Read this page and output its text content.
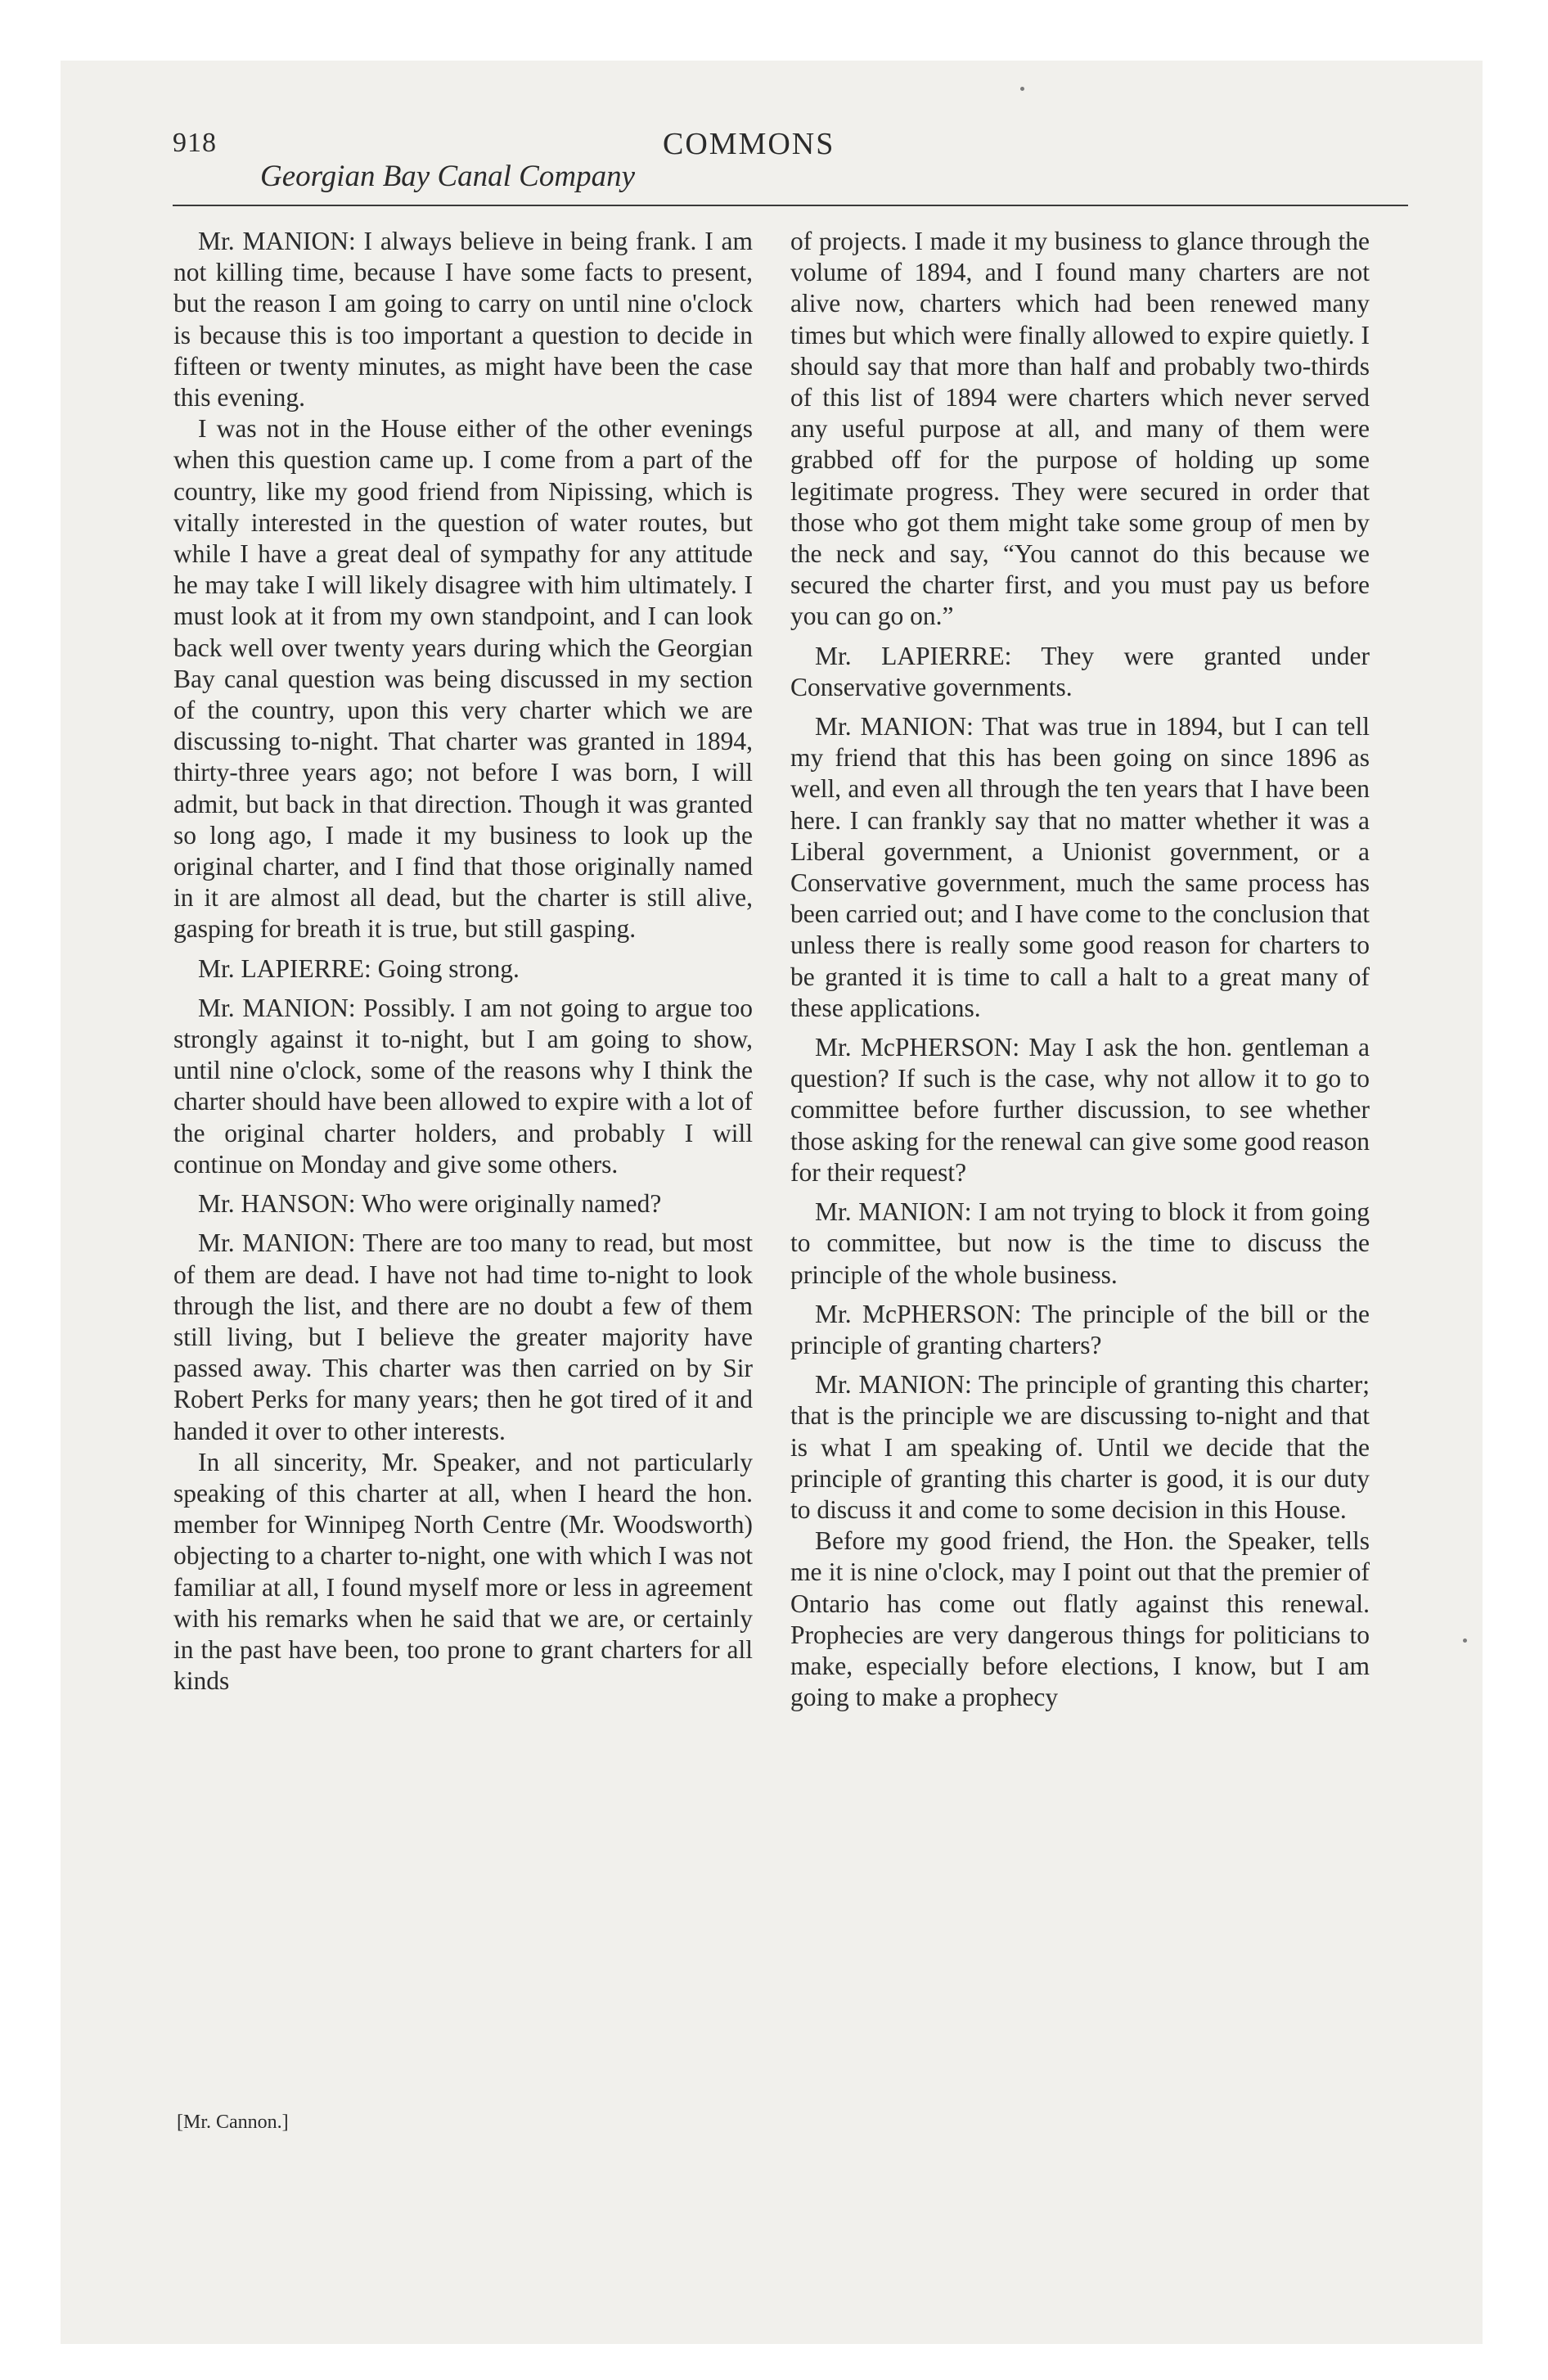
918	COMMONS
Georgian Bay Canal Company

Mr. MANION: I always believe in being frank. I am not killing time, because I have some facts to present, but the reason I am going to carry on until nine o'clock is because this is too important a question to decide in fifteen or twenty minutes, as might have been the case this evening.

I was not in the House either of the other evenings when this question came up. I come from a part of the country, like my good friend from Nipissing, which is vitally interested in the question of water routes, but while I have a great deal of sympathy for any attitude he may take I will likely disagree with him ultimately. I must look at it from my own standpoint, and I can look back well over twenty years during which the Georgian Bay canal question was being discussed in my section of the country, upon this very charter which we are discussing to-night. That charter was granted in 1894, thirty-three years ago; not before I was born, I will admit, but back in that direction. Though it was granted so long ago, I made it my business to look up the original charter, and I find that those originally named in it are almost all dead, but the charter is still alive, gasping for breath it is true, but still gasping.

Mr. LAPIERRE: Going strong.

Mr. MANION: Possibly. I am not going to argue too strongly against it to-night, but I am going to show, until nine o'clock, some of the reasons why I think the charter should have been allowed to expire with a lot of the original charter holders, and probably I will continue on Monday and give some others.

Mr. HANSON: Who were originally named?

Mr. MANION: There are too many to read, but most of them are dead. I have not had time to-night to look through the list, and there are no doubt a few of them still living, but I believe the greater majority have passed away. This charter was then carried on by Sir Robert Perks for many years; then he got tired of it and handed it over to other interests.

In all sincerity, Mr. Speaker, and not particularly speaking of this charter at all, when I heard the hon. member for Winnipeg North Centre (Mr. Woodsworth) objecting to a charter to-night, one with which I was not familiar at all, I found myself more or less in agreement with his remarks when he said that we are, or certainly in the past have been, too prone to grant charters for all kinds

of projects. I made it my business to glance through the volume of 1894, and I found many charters are not alive now, charters which had been renewed many times but which were finally allowed to expire quietly. I should say that more than half and probably two-thirds of this list of 1894 were charters which never served any useful purpose at all, and many of them were grabbed off for the purpose of holding up some legitimate progress. They were secured in order that those who got them might take some group of men by the neck and say, “You cannot do this because we secured the charter first, and you must pay us before you can go on.”

Mr. LAPIERRE: They were granted under Conservative governments.

Mr. MANION: That was true in 1894, but I can tell my friend that this has been going on since 1896 as well, and even all through the ten years that I have been here. I can frankly say that no matter whether it was a Liberal government, a Unionist government, or a Conservative government, much the same process has been carried out; and I have come to the conclusion that unless there is really some good reason for charters to be granted it is time to call a halt to a great many of these applications.

Mr. McPHERSON: May I ask the hon. gentleman a question? If such is the case, why not allow it to go to committee before further discussion, to see whether those asking for the renewal can give some good reason for their request?

Mr. MANION: I am not trying to block it from going to committee, but now is the time to discuss the principle of the whole business.

Mr. McPHERSON: The principle of the bill or the principle of granting charters?

Mr. MANION: The principle of granting this charter; that is the principle we are discussing to-night and that is what I am speaking of. Until we decide that the principle of granting this charter is good, it is our duty to discuss it and come to some decision in this House.

Before my good friend, the Hon. the Speaker, tells me it is nine o'clock, may I point out that the premier of Ontario has come out flatly against this renewal. Prophecies are very dangerous things for politicians to make, especially before elections, I know, but I am going to make a prophecy

[Mr. Cannon.]
